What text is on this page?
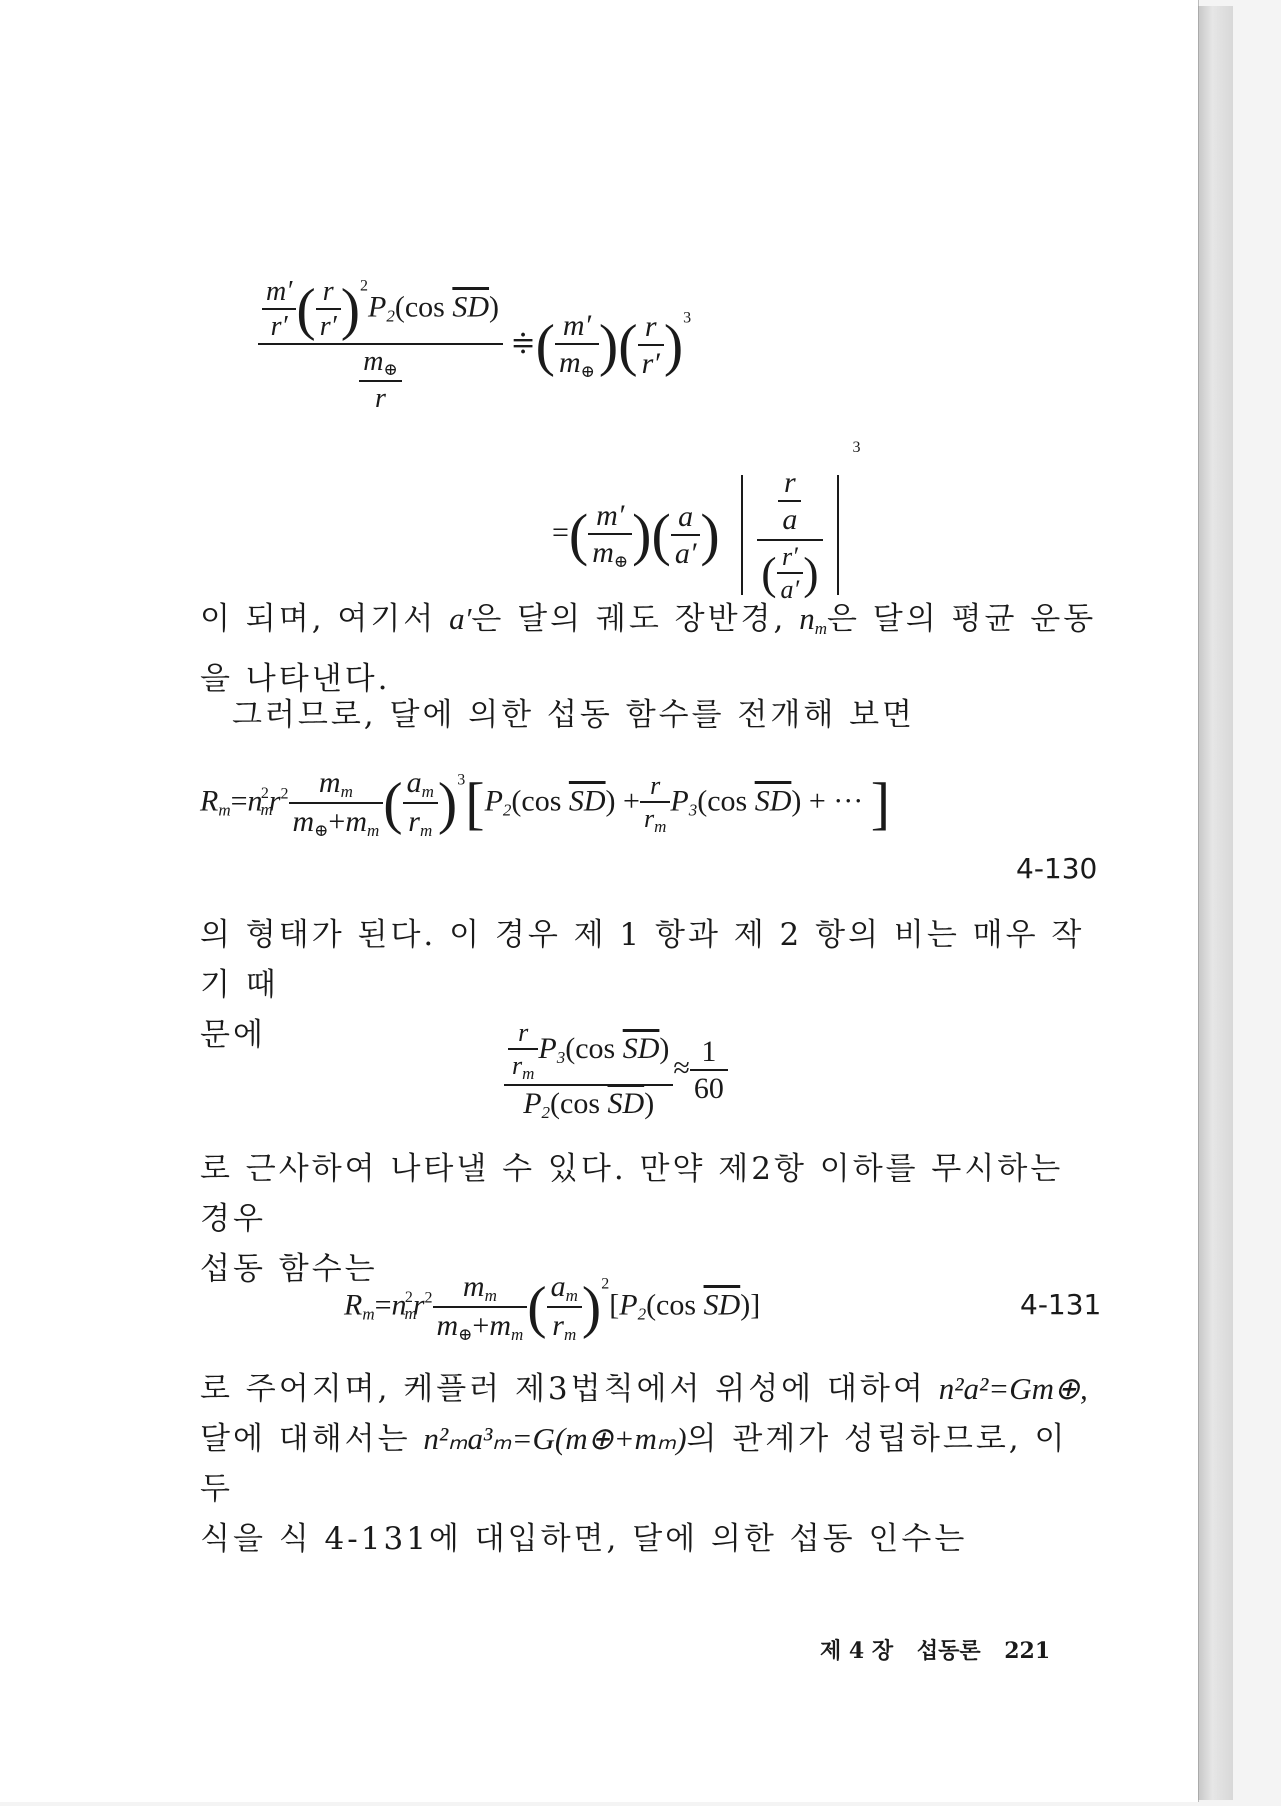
$\frac{\frac{m'}{r'} ( \frac{r}{r'} )^2P_2(\cos \overline{SD})}{\frac{m_\oplus}{r}}$ ≑( $\frac{m'}{m_\oplus}$ )( $\frac{r}{r'} )^3$
=( $\frac{m'}{m_\oplus}$ )( $\frac{a}{a'}$ ) $\frac{\frac{r}{a}}{( \frac{r'}{a'} )}$
$^3$
이 되며, 여기서 a′은 달의 궤도 장반경, $n_m$은 달의 평균 운동
을 나타낸다.
그러므로, 달에 의한 섭동 함수를 전개해 보면
$R_m=n_m^2r^2 \frac{m_m}{m_\oplus+m_m}$ ( $\frac{a_m}{r_m} )^3[P_2(\cos$ $\overline{SD}) + \frac{r}{r_m} P_3(\cos$ $\overline{SD}$) + ··· ]
4-130
의 형태가 된다. 이 경우 제 1 항과 제 2 항의 비는 매우 작기 때
문에	$\frac{\frac{r}{r_m} P_3(\cos \overline{SD})}{P_2(\cos \overline{SD})} \approx \frac{1}{60}$
로 근사하여 나타낼 수 있다. 만약 제2항 이하를 무시하는 경우
섭동 함수는
$R_m=n_m^2r^2 \frac{m_m}{m_\oplus+m_m}$ ( $\frac{a_m}{r_m} )^2[P_2(\cos$ $\overline{SD}$)]	4-131
로 주어지며, 케플러 제3법칙에서 위성에 대하여 n²a²=Gm⊕,
달에 대해서는 n²ₘa³ₘ=G(m⊕+mₘ)의 관계가 성립하므로, 이 두
식을 식 4-131에 대입하면, 달에 의한 섭동 인수는
제 4 장 섭동론 221
